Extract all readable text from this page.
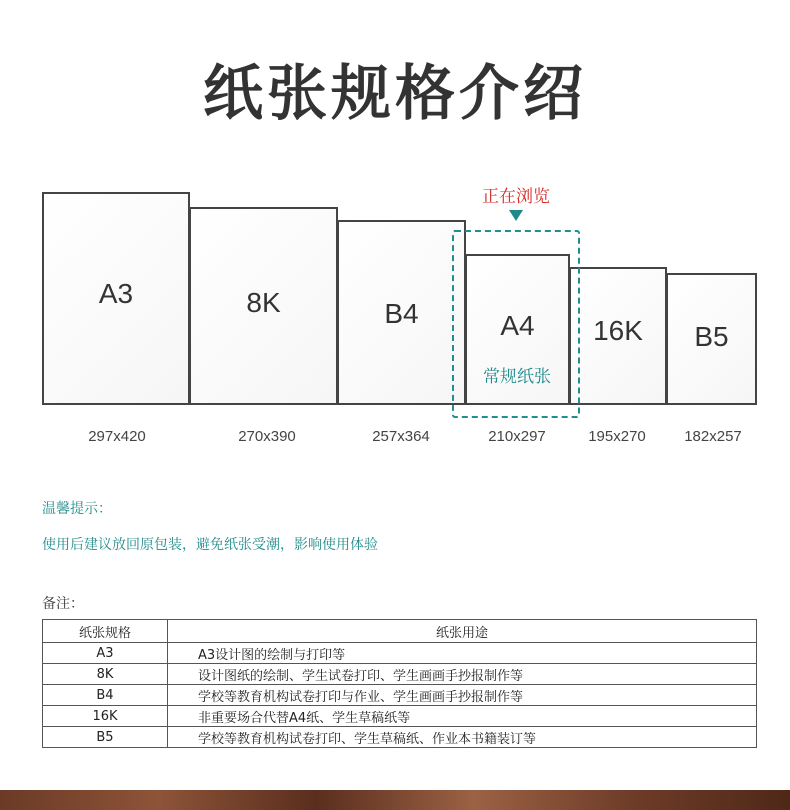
纸张规格介绍
A3	8K	B4	A4	16K	B5
正在浏览
常规纸张
297x420	270x390	257x364	210x297	195x270	182x257
温馨提示：
使用后建议放回原包装，避免纸张受潮，影响使用体验
备注：
纸张规格	纸张用途
A3	A3设计图的绘制与打印等
8K	设计图纸的绘制、学生试卷打印、学生画画手抄报制作等
B4	学校等教育机构试卷打印与作业、学生画画手抄报制作等
16K	非重要场合代替A4纸、学生草稿纸等
B5	学校等教育机构试卷打印、学生草稿纸、作业本书籍装订等
